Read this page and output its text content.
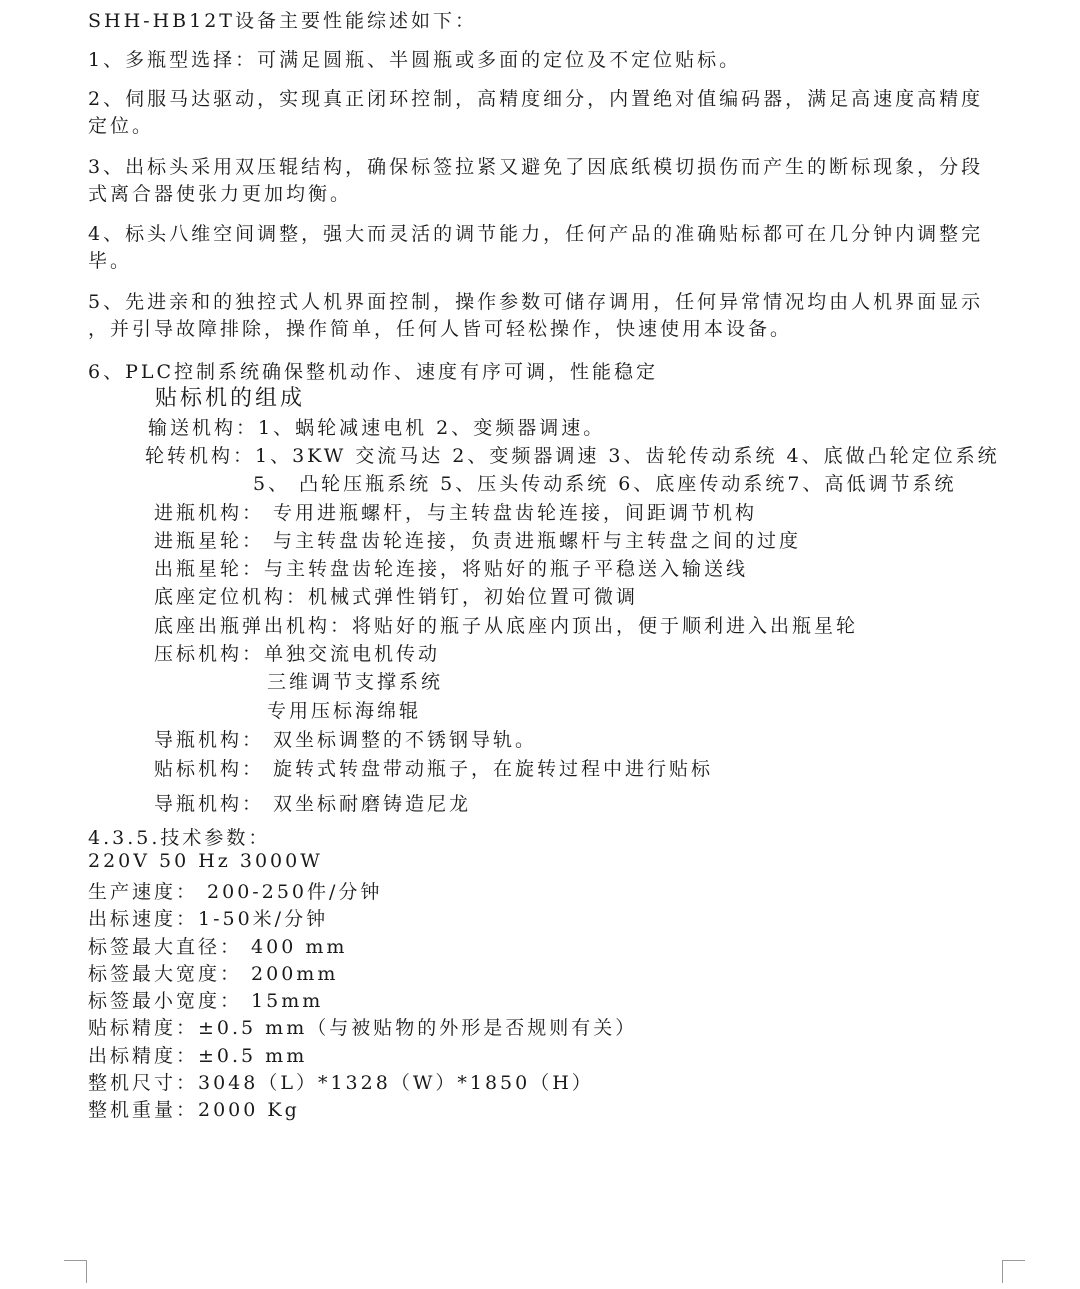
SHH-HB12T设备主要性能综述如下：
1、多瓶型选择：可满足圆瓶、半圆瓶或多面的定位及不定位贴标。
2、伺服马达驱动，实现真正闭环控制，高精度细分，内置绝对值编码器，满足高速度高精度
定位。
3、出标头采用双压辊结构，确保标签拉紧又避免了因底纸模切损伤而产生的断标现象，分段
式离合器使张力更加均衡。
4、标头八维空间调整，强大而灵活的调节能力，任何产品的准确贴标都可在几分钟内调整完
毕。
5、先进亲和的独控式人机界面控制，操作参数可储存调用，任何异常情况均由人机界面显示
，并引导故障排除，操作简单，任何人皆可轻松操作，快速使用本设备。
6、PLC控制系统确保整机动作、速度有序可调，性能稳定
贴标机的组成
输送机构：1、蜗轮减速电机 2、变频器调速。
轮转机构：1、3KW 交流马达 2、变频器调速 3、齿轮传动系统 4、底做凸轮定位系统
5、 凸轮压瓶系统 5、压头传动系统 6、底座传动系统7、高低调节系统
进瓶机构： 专用进瓶螺杆，与主转盘齿轮连接，间距调节机构
进瓶星轮： 与主转盘齿轮连接，负责进瓶螺杆与主转盘之间的过度
出瓶星轮：与主转盘齿轮连接，将贴好的瓶子平稳送入输送线
底座定位机构：机械式弹性销钉，初始位置可微调
底座出瓶弹出机构：将贴好的瓶子从底座内顶出，便于顺利进入出瓶星轮
压标机构：单独交流电机传动
三维调节支撑系统
专用压标海绵辊
导瓶机构： 双坐标调整的不锈钢导轨。
贴标机构： 旋转式转盘带动瓶子，在旋转过程中进行贴标
导瓶机构： 双坐标耐磨铸造尼龙
4.3.5.技术参数：
220V 50 Hz 3000W
生产速度： 200-250件/分钟
出标速度：1-50米/分钟
标签最大直径： 400 mm
标签最大宽度： 200mm
标签最小宽度： 15mm
贴标精度：±0.5 mm（与被贴物的外形是否规则有关）
出标精度：±0.5 mm
整机尺寸：3048（L）*1328（W）*1850（H）
整机重量：2000 Kg
